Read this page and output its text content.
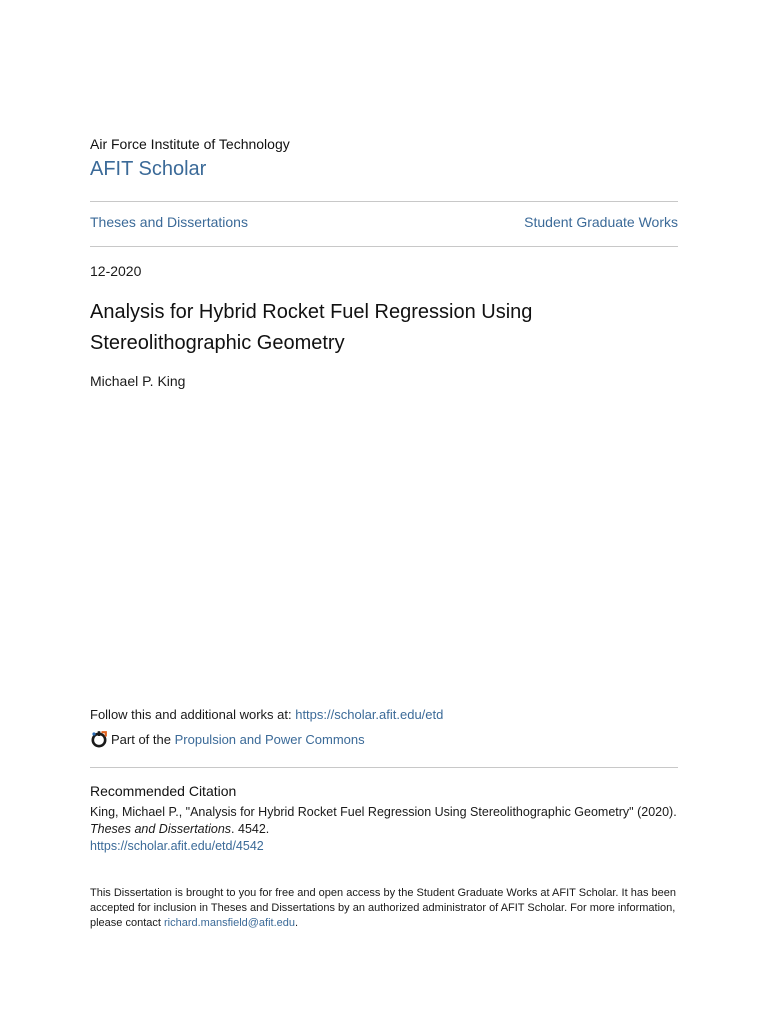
Air Force Institute of Technology
AFIT Scholar
Theses and Dissertations	Student Graduate Works
12-2020
Analysis for Hybrid Rocket Fuel Regression Using Stereolithographic Geometry
Michael P. King
Follow this and additional works at: https://scholar.afit.edu/etd
Part of the
Propulsion and Power Commons
Recommended Citation
King, Michael P., "Analysis for Hybrid Rocket Fuel Regression Using Stereolithographic Geometry" (2020).
Theses and Dissertations. 4542.
https://scholar.afit.edu/etd/4542
This Dissertation is brought to you for free and open access by the Student Graduate Works at AFIT Scholar. It has been accepted for inclusion in Theses and Dissertations by an authorized administrator of AFIT Scholar. For more information, please contact richard.mansfield@afit.edu.
